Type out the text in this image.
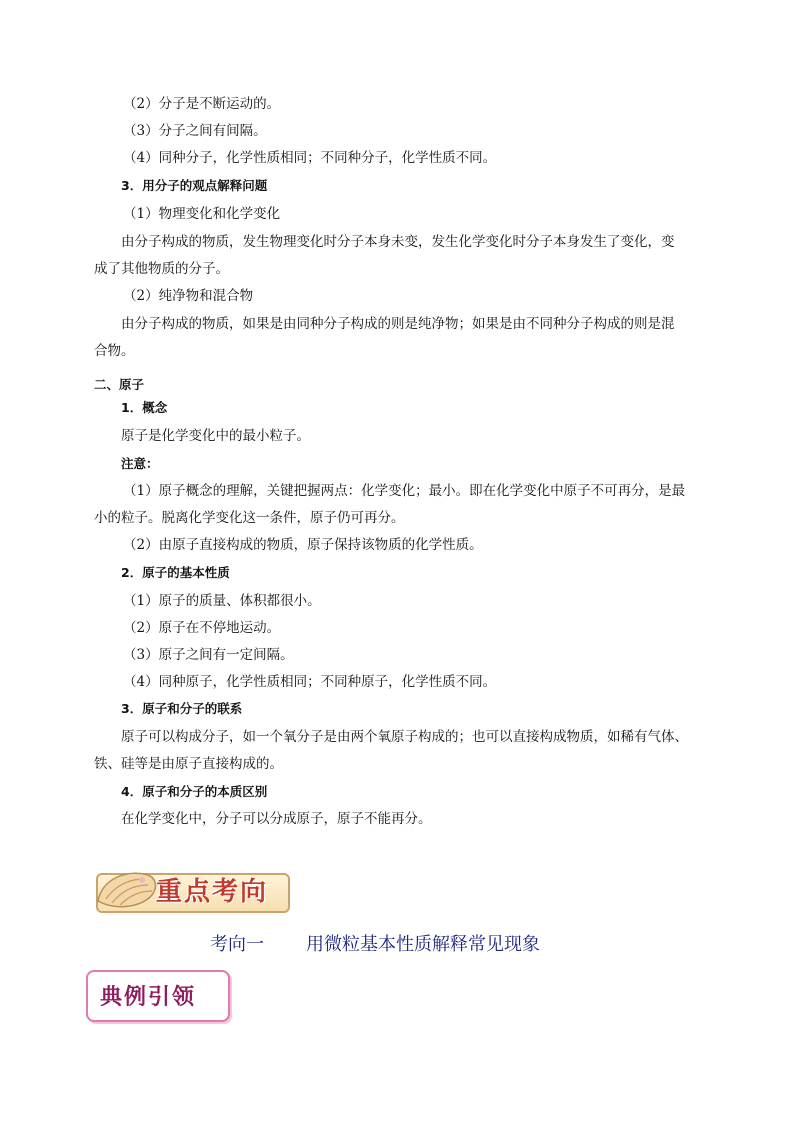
（2）分子是不断运动的。
（3）分子之间有间隔。
（4）同种分子，化学性质相同；不同种分子，化学性质不同。
3．用分子的观点解释问题
（1）物理变化和化学变化
由分子构成的物质，发生物理变化时分子本身未变，发生化学变化时分子本身发生了变化，变
成了其他物质的分子。
（2）纯净物和混合物
由分子构成的物质，如果是由同种分子构成的则是纯净物；如果是由不同种分子构成的则是混
合物。
二、原子
1．概念
原子是化学变化中的最小粒子。
注意：
（1）原子概念的理解，关键把握两点：化学变化；最小。即在化学变化中原子不可再分，是最
小的粒子。脱离化学变化这一条件，原子仍可再分。
（2）由原子直接构成的物质，原子保持该物质的化学性质。
2．原子的基本性质
（1）原子的质量、体积都很小。
（2）原子在不停地运动。
（3）原子之间有一定间隔。
（4）同种原子，化学性质相同；不同种原子，化学性质不同。
3．原子和分子的联系
原子可以构成分子，如一个氧分子是由两个氧原子构成的；也可以直接构成物质，如稀有气体、
铁、硅等是由原子直接构成的。
4．原子和分子的本质区别
在化学变化中，分子可以分成原子，原子不能再分。
重点考向
考向一 用微粒基本性质解释常见现象
典例引领
